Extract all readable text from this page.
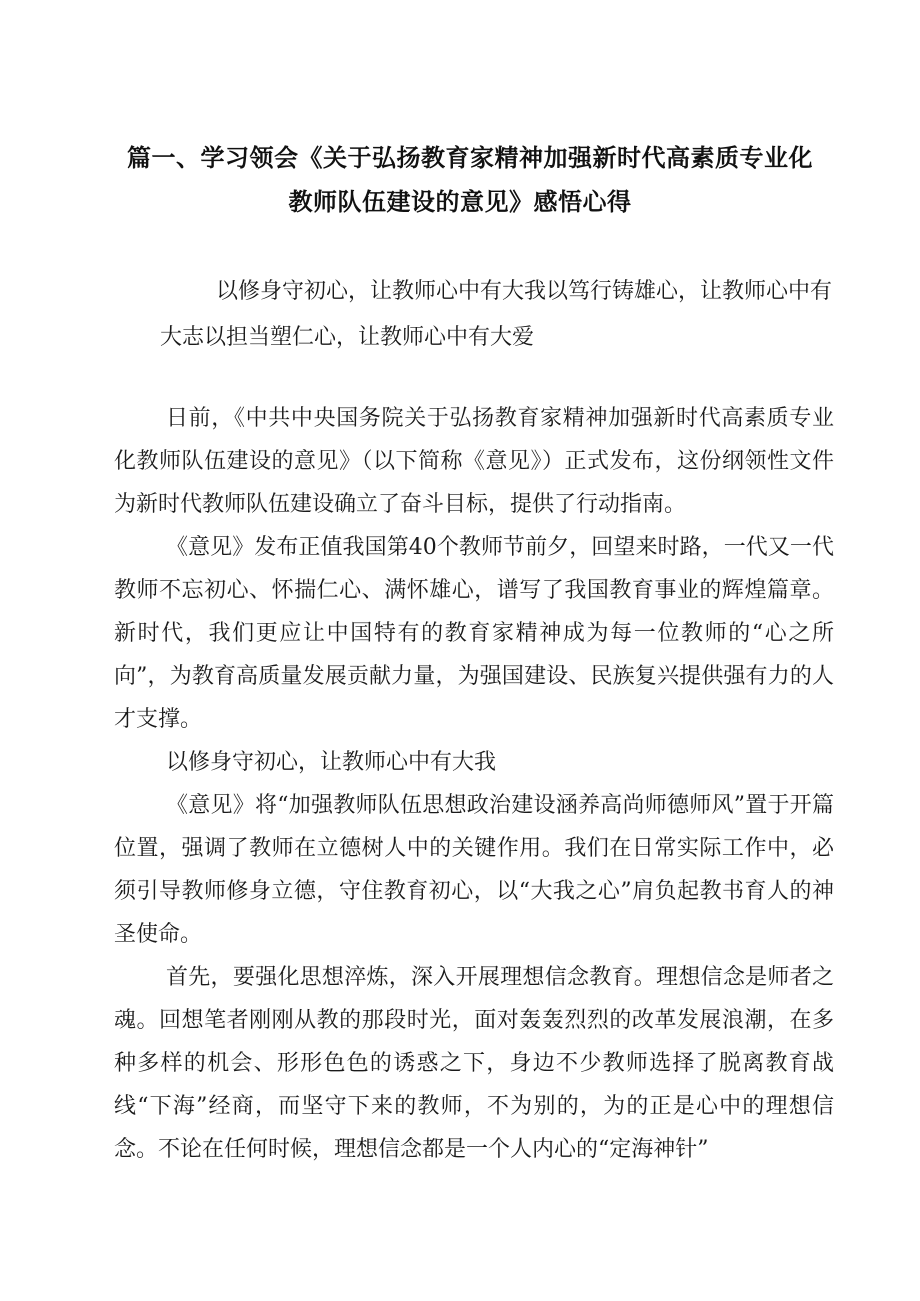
篇一、学习领会《关于弘扬教育家精神加强新时代高素质专业化
教师队伍建设的意见》感悟心得
以修身守初心，让教师心中有大我以笃行铸雄心，让教师心中有大志以担当塑仁心，让教师心中有大爱

日前，《中共中央国务院关于弘扬教育家精神加强新时代高素质专业化教师队伍建设的意见》（以下简称《意见》）正式发布，这份纲领性文件为新时代教师队伍建设确立了奋斗目标，提供了行动指南。

《意见》发布正值我国第40个教师节前夕，回望来时路，一代又一代教师不忘初心、怀揣仁心、满怀雄心，谱写了我国教育事业的辉煌篇章。新时代，我们更应让中国特有的教育家精神成为每一位教师的“心之所向”，为教育高质量发展贡献力量，为强国建设、民族复兴提供强有力的人才支撑。

以修身守初心，让教师心中有大我

《意见》将“加强教师队伍思想政治建设涵养高尚师德师风”置于开篇位置，强调了教师在立德树人中的关键作用。我们在日常实际工作中，必须引导教师修身立德，守住教育初心，以“大我之心”肩负起教书育人的神圣使命。

首先，要强化思想淬炼，深入开展理想信念教育。理想信念是师者之魂。回想笔者刚刚从教的那段时光，面对轰轰烈烈的改革发展浪潮，在多种多样的机会、形形色色的诱惑之下，身边不少教师选择了脱离教育战线“下海”经商，而坚守下来的教师，不为别的，为的正是心中的理想信念。不论在任何时候，理想信念都是一个人内心的“定海神针”
